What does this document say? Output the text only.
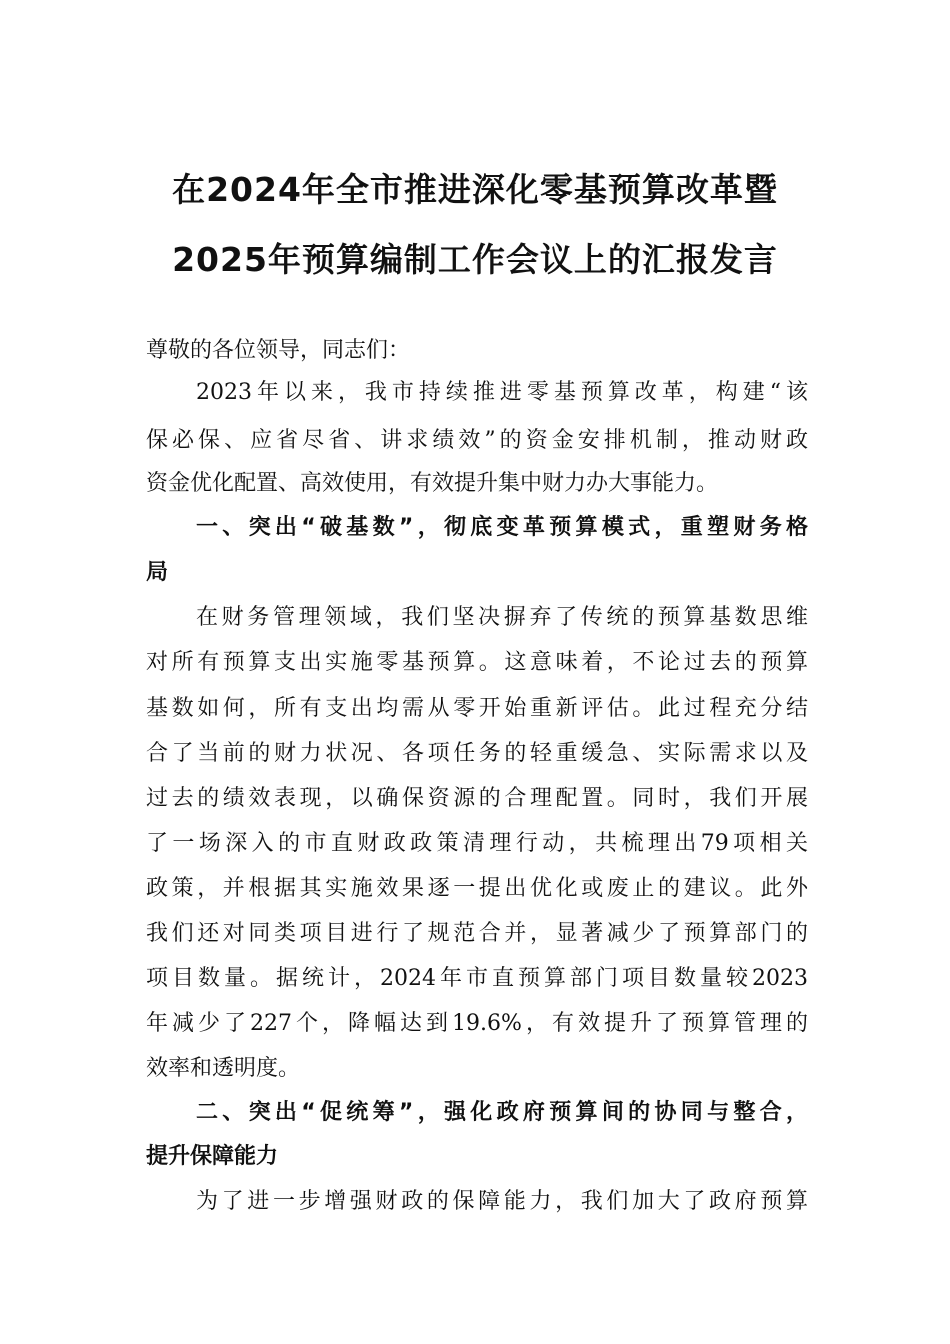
在2024年全市推进深化零基预算改革暨
2025年预算编制工作会议上的汇报发言
尊敬的各位领导，同志们：
2023年以来，我市持续推进零基预算改革，构建“该
保必保、应省尽省、讲求绩效”的资金安排机制，推动财政
资金优化配置、高效使用，有效提升集中财力办大事能力。
一、突出“破基数”，彻底变革预算模式，重塑财务格
局
在财务管理领域，我们坚决摒弃了传统的预算基数思维
对所有预算支出实施零基预算。这意味着，不论过去的预算
基数如何，所有支出均需从零开始重新评估。此过程充分结
合了当前的财力状况、各项任务的轻重缓急、实际需求以及
过去的绩效表现，以确保资源的合理配置。同时，我们开展
了一场深入的市直财政政策清理行动，共梳理出79项相关
政策，并根据其实施效果逐一提出优化或废止的建议。此外
我们还对同类项目进行了规范合并，显著减少了预算部门的
项目数量。据统计，2024年市直预算部门项目数量较2023
年减少了227个，降幅达到19.6%，有效提升了预算管理的
效率和透明度。
二、突出“促统筹”，强化政府预算间的协同与整合，
提升保障能力
为了进一步增强财政的保障能力，我们加大了政府预算
